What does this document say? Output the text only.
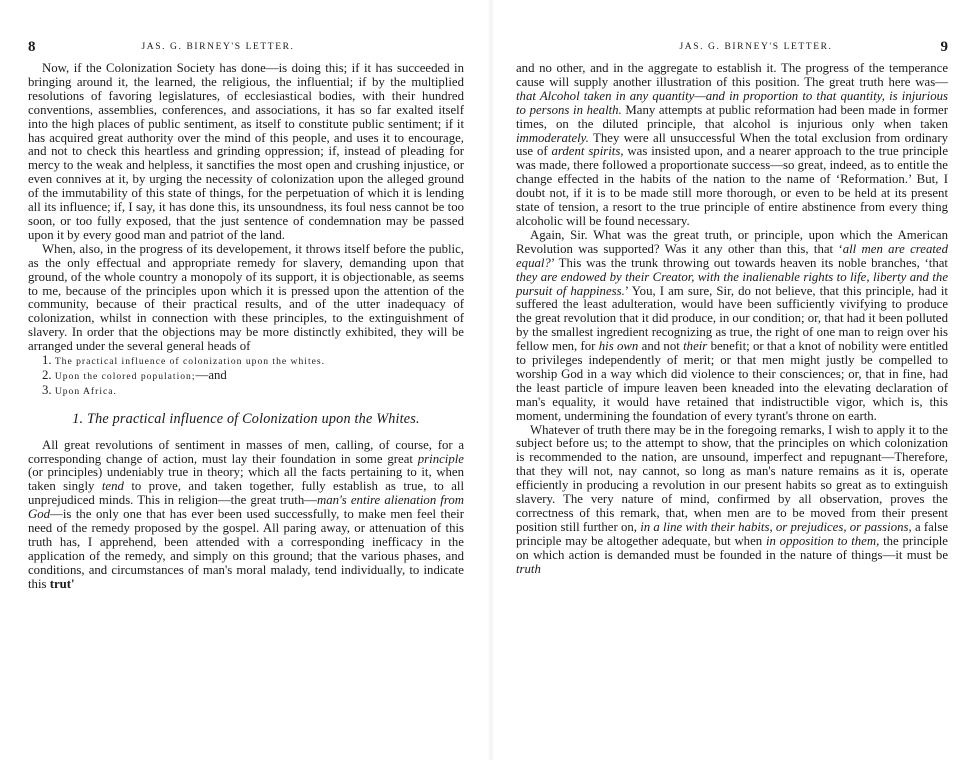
8	JAS. G. BIRNEY'S LETTER.

Now, if the Colonization Society has done—is doing this; if it has succeeded in bringing around it, the learned, the religious, the influential; if by the multiplied resolutions of favoring legislatures, of ecclesiastical bodies, with their hundred conventions, assemblies, conferences, and associations, it has so far exalted itself into the high places of public sentiment, as itself to constitute public sentiment; if it has acquired great authority over the mind of this people, and uses it to encourage, and not to check this heartless and grinding oppression; if, instead of pleading for mercy to the weak and helpless, it sanctifies the most open and crushing injustice, or even connives at it, by urging the necessity of colonization upon the alleged ground of the immutability of this state of things, for the perpetuation of which it is lending all its influence; if, I say, it has done this, its unsoundness, its foul ness cannot be too soon, or too fully exposed, that the just sentence of condemnation may be passed upon it by every good man and patriot of the land.

When, also, in the progress of its developement, it throws itself before the public, as the only effectual and appropriate remedy for slavery, demanding upon that ground, of the whole country a monopoly of its support, it is objectionable, as seems to me, because of the principles upon which it is pressed upon the attention of the community, because of their practical results, and of the utter inadequacy of colonization, whilst in connection with these principles, to the extinguishment of slavery. In order that the objections may be more distinctly exhibited, they will be arranged under the several general heads of

1. The practical influence of colonization upon the whites.
2. Upon the colored population;—and
3. Upon Africa.
1. The practical influence of Colonization upon the Whites.

All great revolutions of sentiment in masses of men, calling, of course, for a corresponding change of action, must lay their foundation in some great principle (or principles) undeniably true in theory; which all the facts pertaining to it, when taken singly tend to prove, and taken together, fully establish as true, to all unprejudiced minds. This in religion—the great truth—man's entire alienation from God—is the only one that has ever been used successfully, to make men feel their need of the remedy proposed by the gospel. All paring away, or attenuation of this truth has, I apprehend, been attended with a corresponding inefficacy in the application of the remedy, and simply on this ground; that the various phases, and conditions, and circumstances of man's moral malady, tend individually, to indicate this trut'

JAS. G. BIRNEY'S LETTER.	9

and no other, and in the aggregate to establish it. The progress of the temperance cause will supply another illustration of this position. The great truth here was—that Alcohol taken in any quantity—and in proportion to that quantity, is injurious to persons in health. Many attempts at public reformation had been made in former times, on the diluted principle, that alcohol is injurious only when taken immoderately. They were all unsuccessful When the total exclusion from ordinary use of ardent spirits, was insisted upon, and a nearer approach to the true principle was made, there followed a proportionate success—so great, indeed, as to entitle the change effected in the habits of the nation to the name of ‘Reformation.’ But, I doubt not, if it is to be made still more thorough, or even to be held at its present state of tension, a resort to the true principle of entire abstinence from every thing alcoholic will be found necessary.

Again, Sir. What was the great truth, or principle, upon which the American Revolution was supported? Was it any other than this, that ‘all men are created equal?’ This was the trunk throwing out towards heaven its noble branches, ‘that they are endowed by their Creator, with the inalienable rights to life, liberty and the pursuit of happiness.’ You, I am sure, Sir, do not believe, that this principle, had it suffered the least adulteration, would have been sufficiently vivifying to produce the great revolution that it did produce, in our condition; or, that had it been polluted by the smallest ingredient recognizing as true, the right of one man to reign over his fellow men, for his own and not their benefit; or that a knot of nobility were entitled to privileges independently of merit; or that men might justly be compelled to worship God in a way which did violence to their consciences; or, that in fine, had the least particle of impure leaven been kneaded into the elevating declaration of man's equality, it would have retained that indistructible vigor, which is, this moment, undermining the foundation of every tyrant's throne on earth.

Whatever of truth there may be in the foregoing remarks, I wish to apply it to the subject before us; to the attempt to show, that the principles on which colonization is recommended to the nation, are unsound, imperfect and repugnant—Therefore, that they will not, nay cannot, so long as man's nature remains as it is, operate efficiently in producing a revolution in our present habits so great as to extinguish slavery. The very nature of mind, confirmed by all observation, proves the correctness of this remark, that, when men are to be moved from their present position still further on, in a line with their habits, or prejudices, or passions, a false principle may be altogether adequate, but when in opposition to them, the principle on which action is demanded must be founded in the nature of things—it must be truth
